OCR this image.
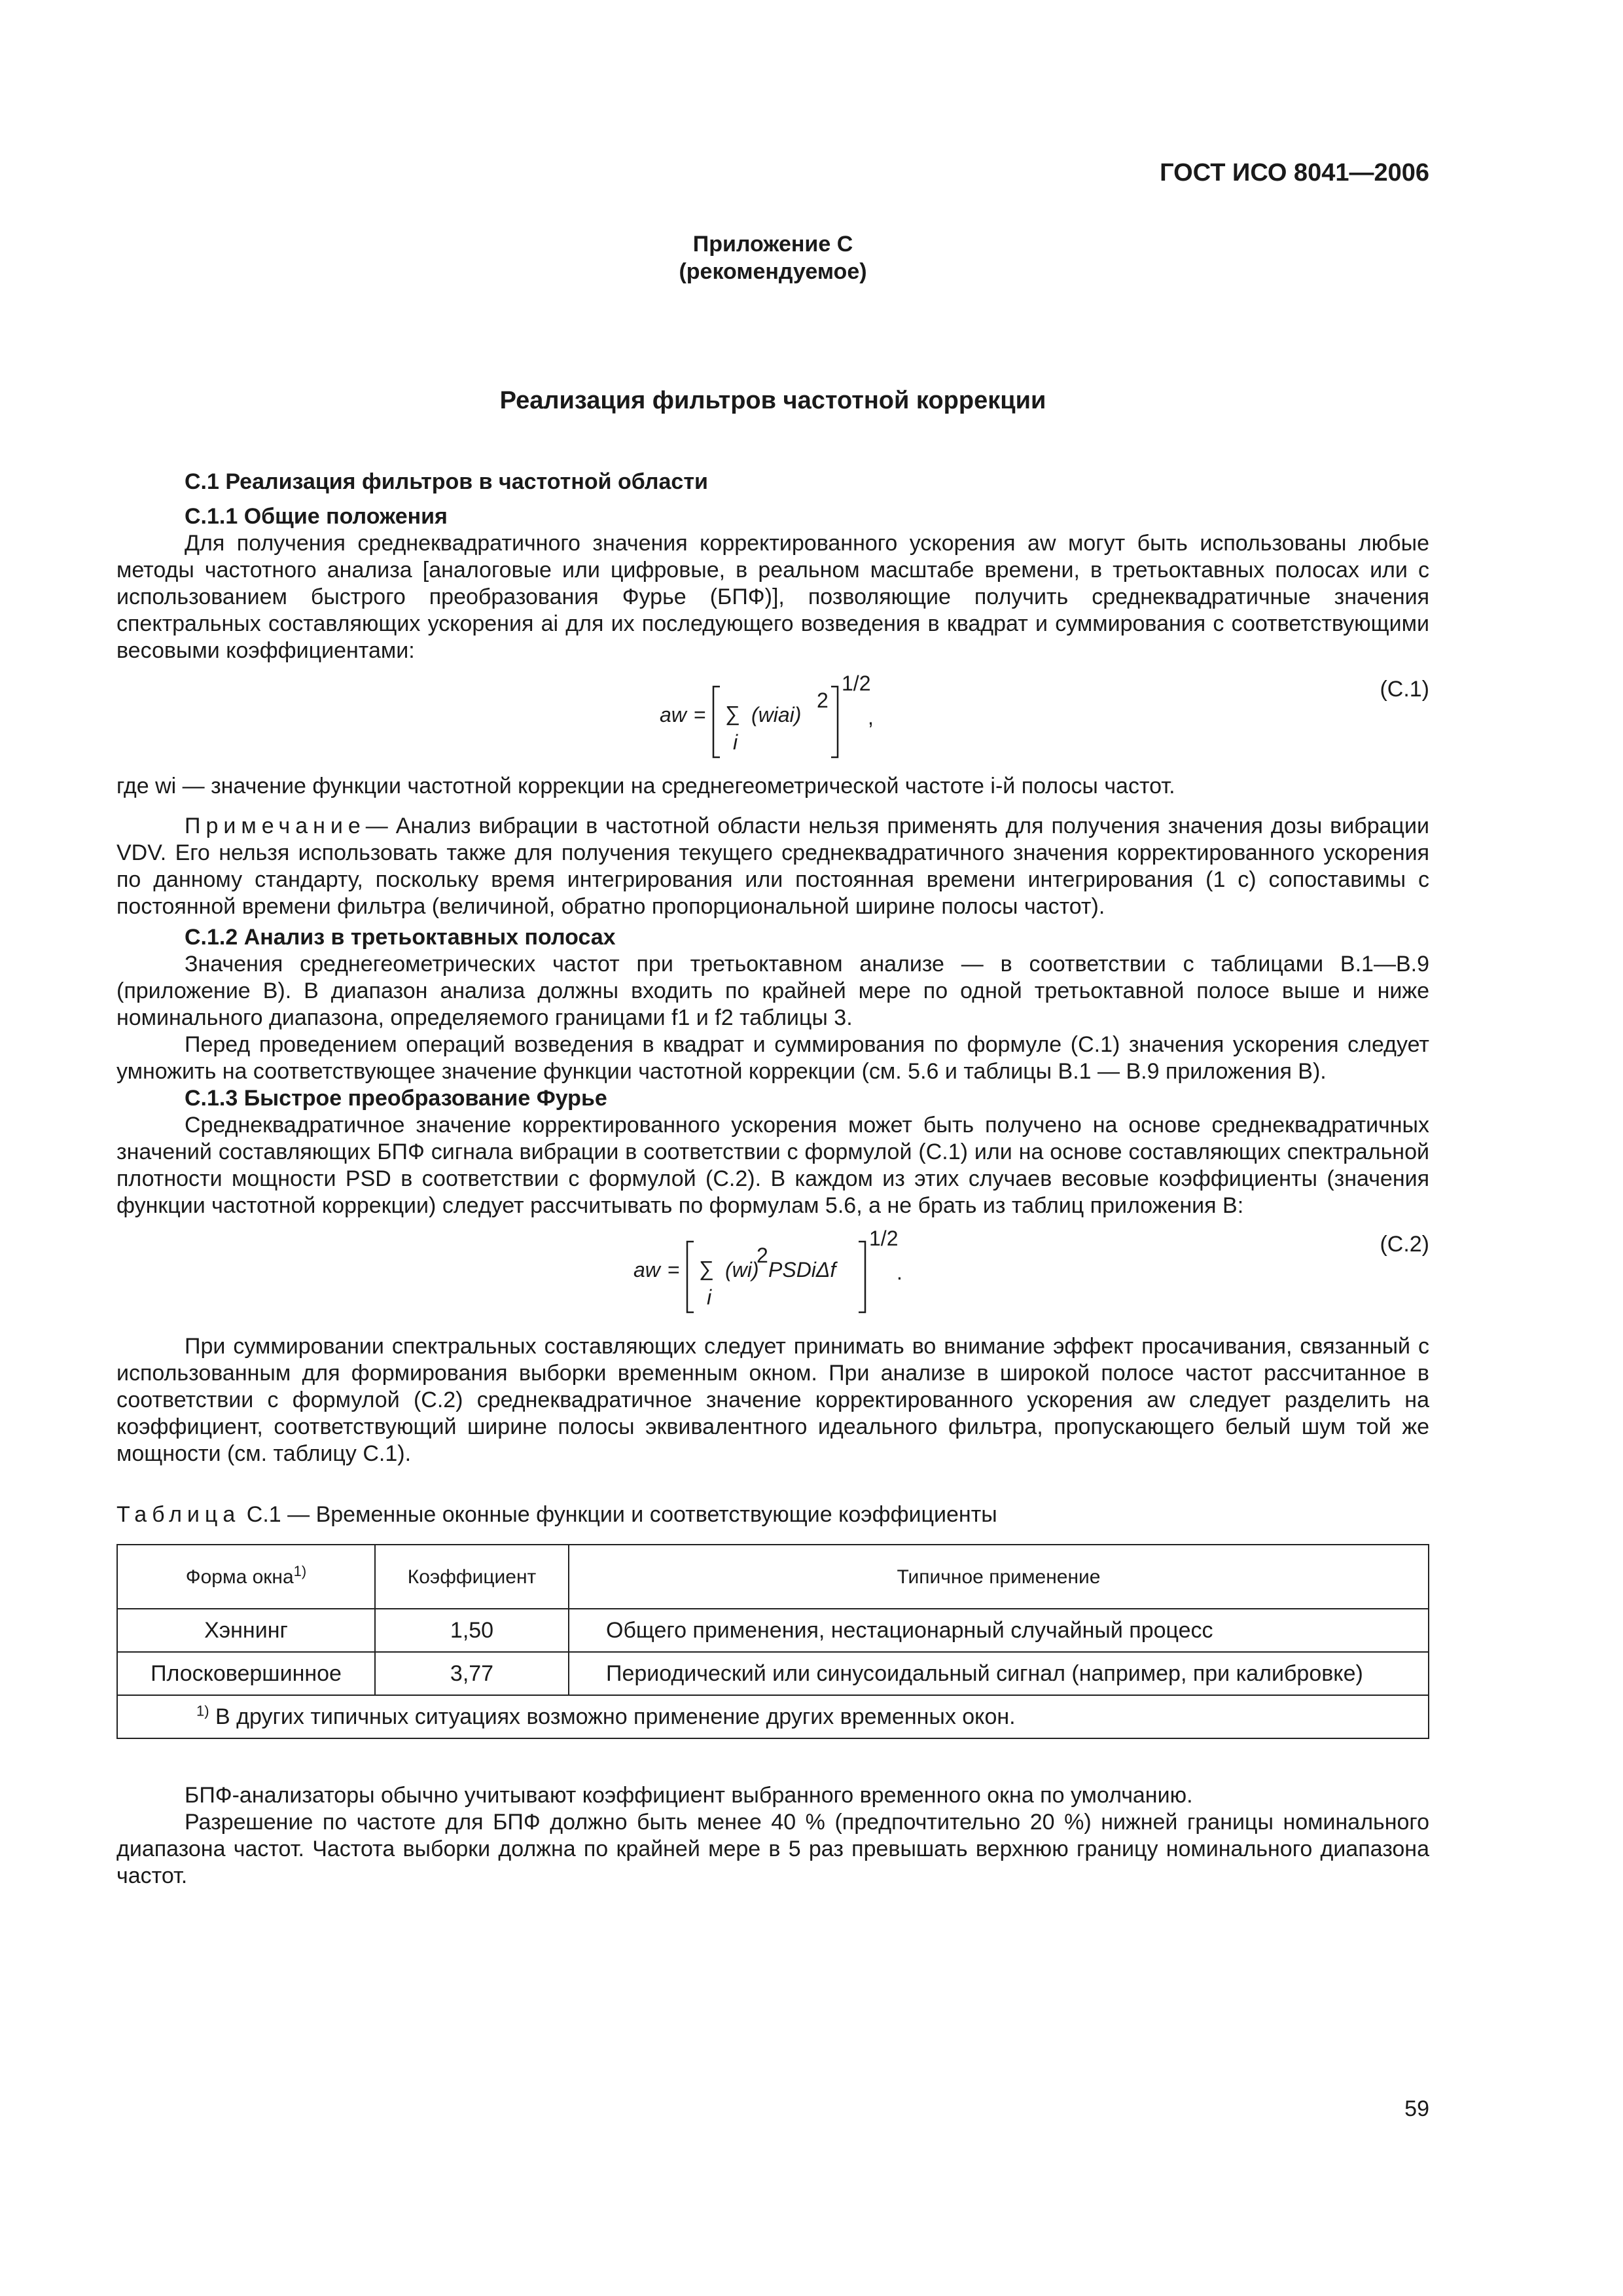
ГОСТ ИСО 8041—2006
Приложение С
(рекомендуемое)
Реализация фильтров частотной коррекции
С.1 Реализация фильтров в частотной области
С.1.1 Общие положения

Для получения среднеквадратичного значения корректированного ускорения aw могут быть использованы любые методы частотного анализа [аналоговые или цифровые, в реальном масштабе времени, в третьоктавных полосах или с использованием быстрого преобразования Фурье (БПФ)], позволяющие получить среднеквадратичные значения спектральных составляющих ускорения ai для их последующего возведения в квадрат и суммирования с соответствующими весовыми коэффициентами:

aw = ∑
i
(wiai)
2
1/2
,
(С.1)

где wi — значение функции частотной коррекции на среднегеометрической частоте i-й полосы частот.

Примечание— Анализ вибрации в частотной области нельзя применять для получения значения дозы вибрации VDV. Его нельзя использовать также для получения текущего среднеквадратичного значения корректированного ускорения по данному стандарту, поскольку время интегрирования или постоянная времени интегрирования (1 с) сопоставимы с постоянной времени фильтра (величиной, обратно пропорциональной ширине полосы частот).

С.1.2 Анализ в третьоктавных полосах

Значения среднегеометрических частот при третьоктавном анализе — в соответствии с таблицами В.1—В.9 (приложение В). В диапазон анализа должны входить по крайней мере по одной третьоктавной полосе выше и ниже номинального диапазона, определяемого границами f1 и f2 таблицы 3.

Перед проведением операций возведения в квадрат и суммирования по формуле (С.1) значения ускорения следует умножить на соответствующее значение функции частотной коррекции (см. 5.6 и таблицы В.1 — В.9 приложения В).

С.1.3 Быстрое преобразование Фурье

Среднеквадратичное значение корректированного ускорения может быть получено на основе среднеквадратичных значений составляющих БПФ сигнала вибрации в соответствии с формулой (С.1) или на основе составляющих спектральной плотности мощности PSD в соответствии с формулой (С.2). В каждом из этих случаев весовые коэффициенты (значения функции частотной коррекции) следует рассчитывать по формулам 5.6, а не брать из таблиц приложения В:

aw = ∑
i
(wi)
2
PSDiΔf
1/2
.
(С.2)

При суммировании спектральных составляющих следует принимать во внимание эффект просачивания, связанный с использованным для формирования выборки временным окном. При анализе в широкой полосе частот рассчитанное в соответствии с формулой (С.2) среднеквадратичное значение корректированного ускорения aw следует разделить на коэффициент, соответствующий ширине полосы эквивалентного идеального фильтра, пропускающего белый шум той же мощности (см. таблицу С.1).

Таблица С.1 — Временные оконные функции и соответствующие коэффициенты
Форма окна$^{1)}$	Коэффициент	Типичное применение
Хэннинг	1,50	Общего применения, нестационарный случайный процесс
Плосковершинное	3,77	Периодический или синусоидальный сигнал (например, при калибровке)
$^{1)}$ В других типичных ситуациях возможно применение других временных окон.		

БПФ-анализаторы обычно учитывают коэффициент выбранного временного окна по умолчанию.

Разрешение по частоте для БПФ должно быть менее 40 % (предпочтительно 20 %) нижней границы номинального диапазона частот. Частота выборки должна по крайней мере в 5 раз превышать верхнюю границу номинального диапазона частот.

59
